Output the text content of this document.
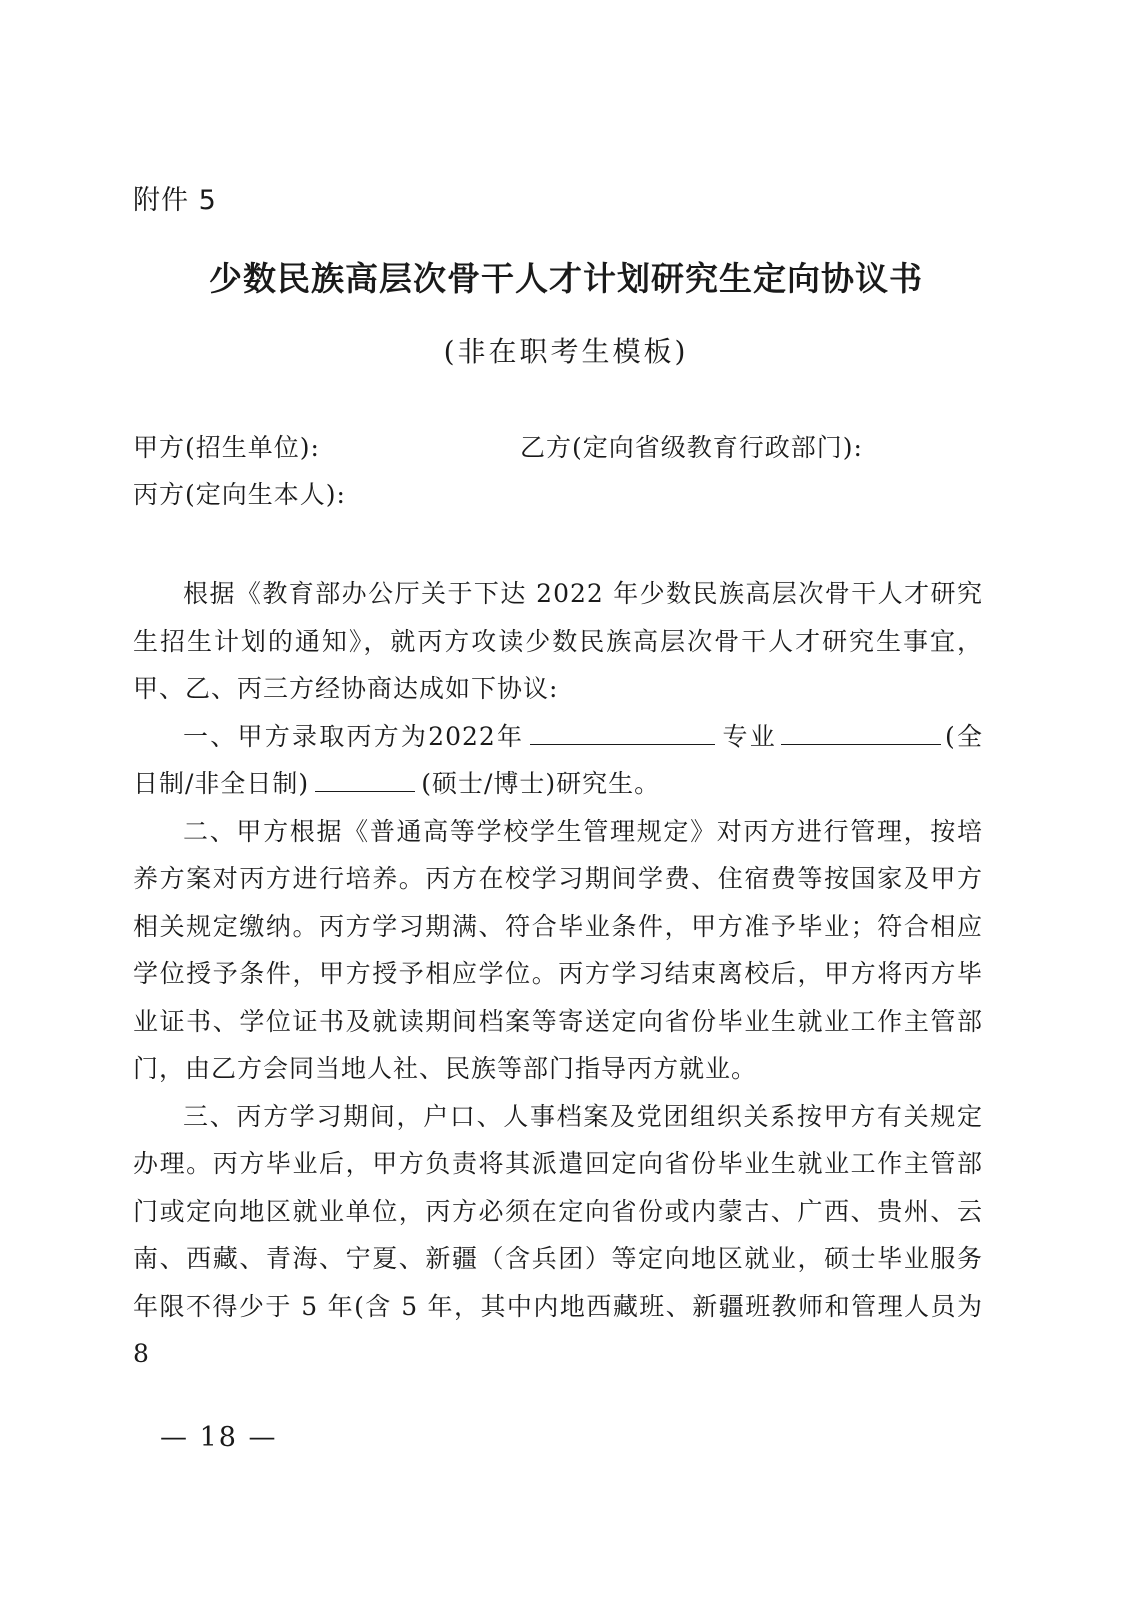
附件 5
少数民族高层次骨干人才计划研究生定向协议书
(非在职考生模板)
甲方(招生单位):	乙方(定向省级教育行政部门):
丙方(定向生本人):

根据《教育部办公厅关于下达 2022 年少数民族高层次骨干人才研究生招生计划的通知》，就丙方攻读少数民族高层次骨干人才研究生事宜，甲、乙、丙三方经协商达成如下协议:

一、甲方录取丙方为2022年	专业	(全日制/非全日制)	(硕士/博士)研究生。

二、甲方根据《普通高等学校学生管理规定》对丙方进行管理，按培养方案对丙方进行培养。丙方在校学习期间学费、住宿费等按国家及甲方相关规定缴纳。丙方学习期满、符合毕业条件，甲方准予毕业；符合相应学位授予条件，甲方授予相应学位。丙方学习结束离校后，甲方将丙方毕业证书、学位证书及就读期间档案等寄送定向省份毕业生就业工作主管部门，由乙方会同当地人社、民族等部门指导丙方就业。

三、丙方学习期间，户口、人事档案及党团组织关系按甲方有关规定办理。丙方毕业后，甲方负责将其派遣回定向省份毕业生就业工作主管部门或定向地区就业单位，丙方必须在定向省份或内蒙古、广西、贵州、云南、西藏、青海、宁夏、新疆（含兵团）等定向地区就业，硕士毕业服务年限不得少于 5 年(含 5 年，其中内地西藏班、新疆班教师和管理人员为 8

— 18 —
